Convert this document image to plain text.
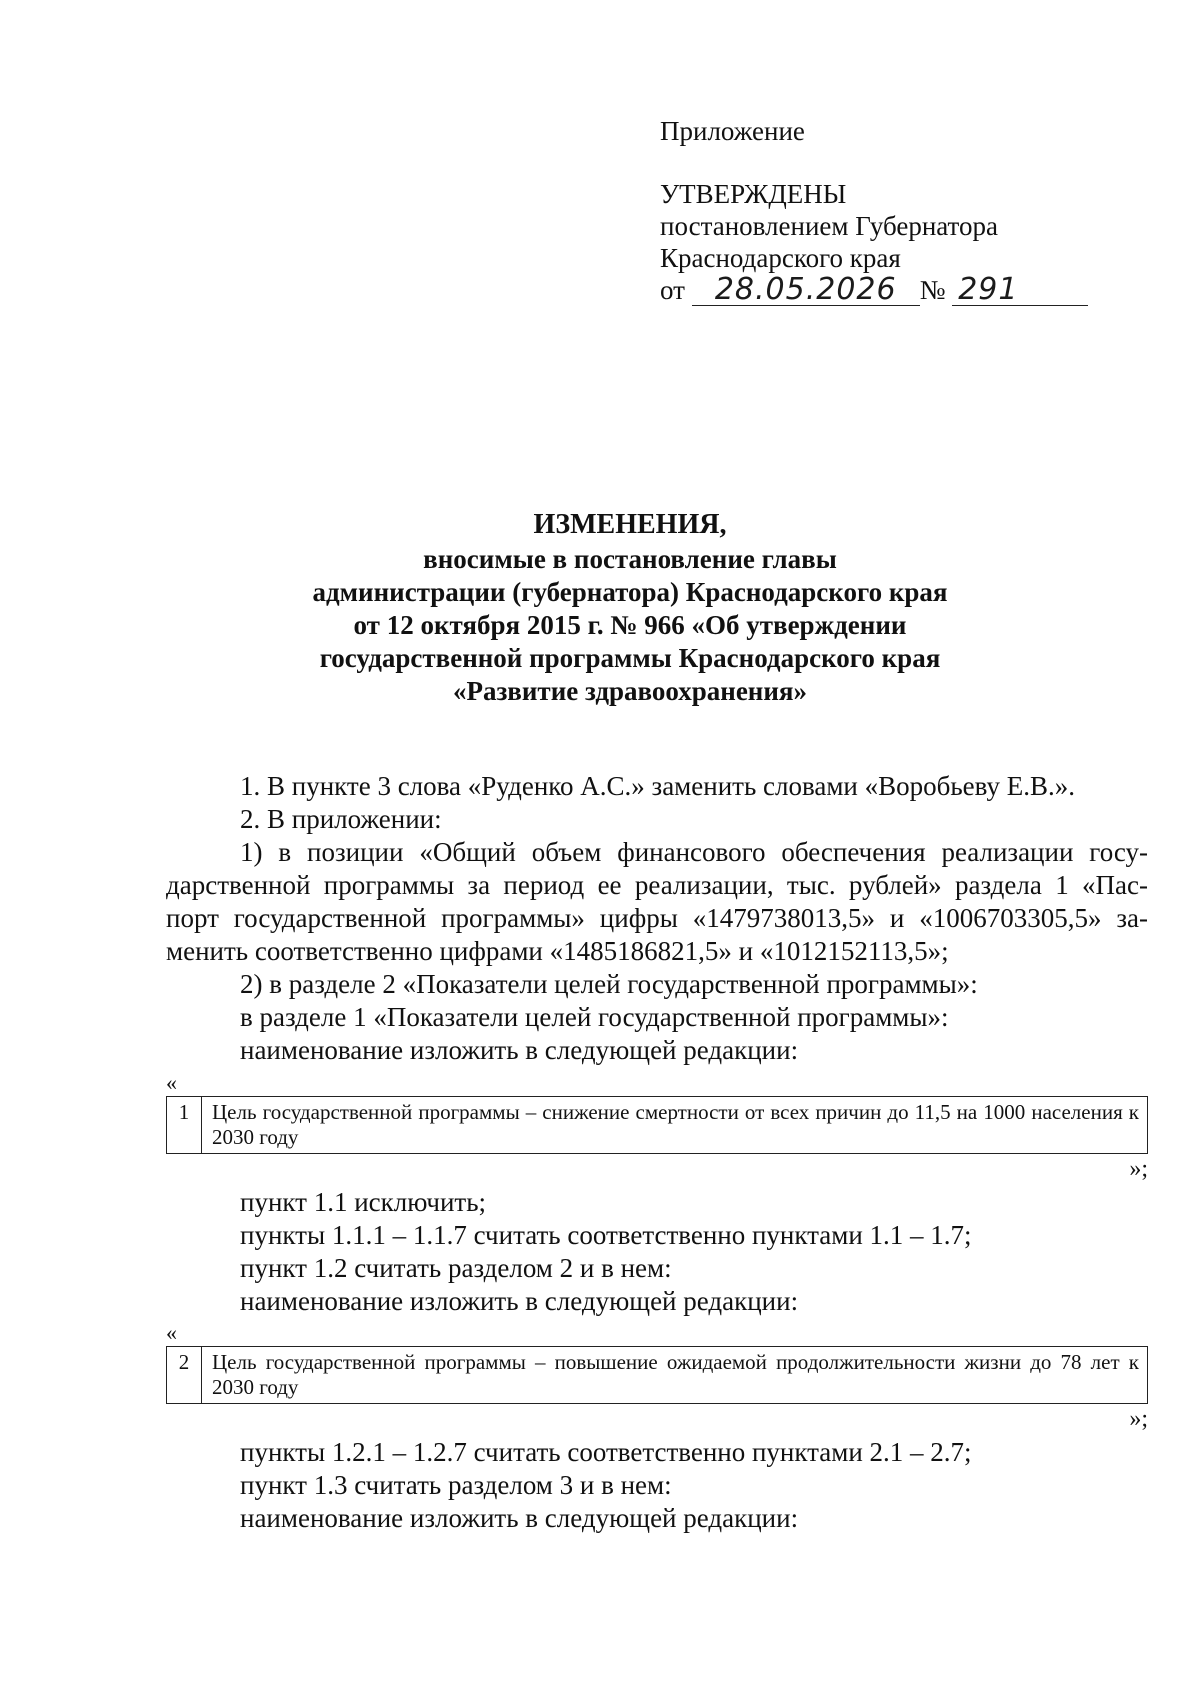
Приложение
УТВЕРЖДЕНЫ
постановлением Губернатора
Краснодарского края
от 28.05.2026 № 291
ИЗМЕНЕНИЯ,
вносимые в постановление главы
администрации (губернатора) Краснодарского края
от 12 октября 2015 г. № 966 «Об утверждении
государственной программы Краснодарского края
«Развитие здравоохранения»

1. В пункте 3 слова «Руденко А.С.» заменить словами «Воробьеву Е.В.».

2. В приложении:

1) в позиции «Общий объем финансового обеспечения реализации госу-

дарственной программы за период ее реализации, тыс. рублей» раздела 1 «Пас-

порт государственной программы» цифры «1479738013,5» и «1006703305,5» за-

менить соответственно цифрами «1485186821,5» и «1012152113,5»;

2) в разделе 2 «Показатели целей государственной программы»:

в разделе 1 «Показатели целей государственной программы»:

наименование изложить в следующей редакции:

«
1	Цель государственной программы – снижение смертности от всех причин до 11,5 на 1000 населения к 2030 году
»;

пункт 1.1 исключить;

пункты 1.1.1 – 1.1.7 считать соответственно пунктами 1.1 – 1.7;

пункт 1.2 считать разделом 2 и в нем:

наименование изложить в следующей редакции:

«
2	Цель государственной программы – повышение ожидаемой продолжительности жизни до 78 лет к 2030 году
»;

пункты 1.2.1 – 1.2.7 считать соответственно пунктами 2.1 – 2.7;

пункт 1.3 считать разделом 3 и в нем:

наименование изложить в следующей редакции:
